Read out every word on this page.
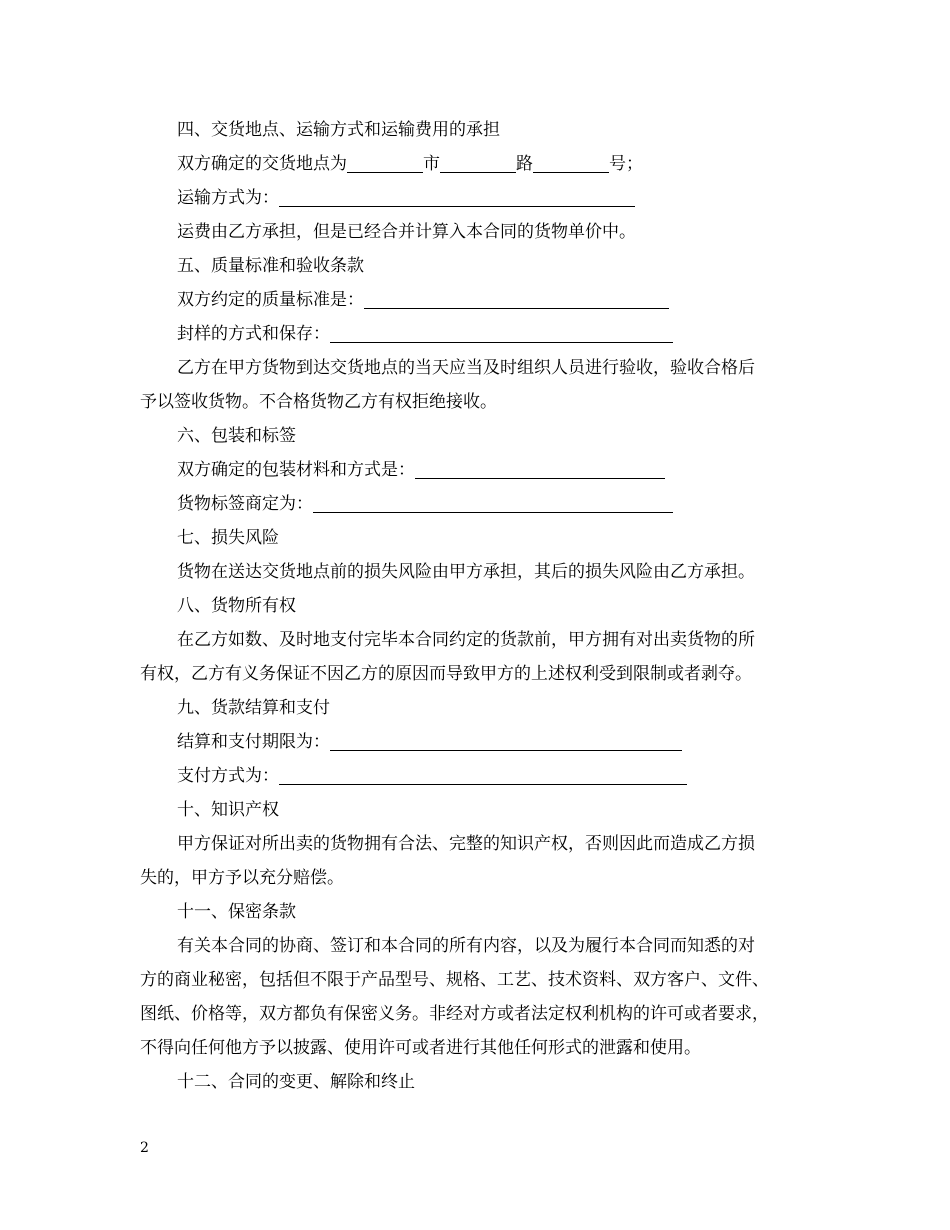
四、交货地点、运输方式和运输费用的承担
双方确定的交货地点为	市	路	号；
运输方式为：
运费由乙方承担，但是已经合并计算入本合同的货物单价中。
五、质量标准和验收条款
双方约定的质量标准是：
封样的方式和保存：
乙方在甲方货物到达交货地点的当天应当及时组织人员进行验收，验收合格后
予以签收货物。不合格货物乙方有权拒绝接收。
六、包装和标签
双方确定的包装材料和方式是：
货物标签商定为：
七、损失风险
货物在送达交货地点前的损失风险由甲方承担，其后的损失风险由乙方承担。
八、货物所有权
在乙方如数、及时地支付完毕本合同约定的货款前，甲方拥有对出卖货物的所
有权，乙方有义务保证不因乙方的原因而导致甲方的上述权利受到限制或者剥夺。
九、货款结算和支付
结算和支付期限为：
支付方式为：
十、知识产权
甲方保证对所出卖的货物拥有合法、完整的知识产权，否则因此而造成乙方损
失的，甲方予以充分赔偿。
十一、保密条款
有关本合同的协商、签订和本合同的所有内容，以及为履行本合同而知悉的对
方的商业秘密，包括但不限于产品型号、规格、工艺、技术资料、双方客户、文件、
图纸、价格等，双方都负有保密义务。非经对方或者法定权利机构的许可或者要求，
不得向任何他方予以披露、使用许可或者进行其他任何形式的泄露和使用。
十二、合同的变更、解除和终止
2
